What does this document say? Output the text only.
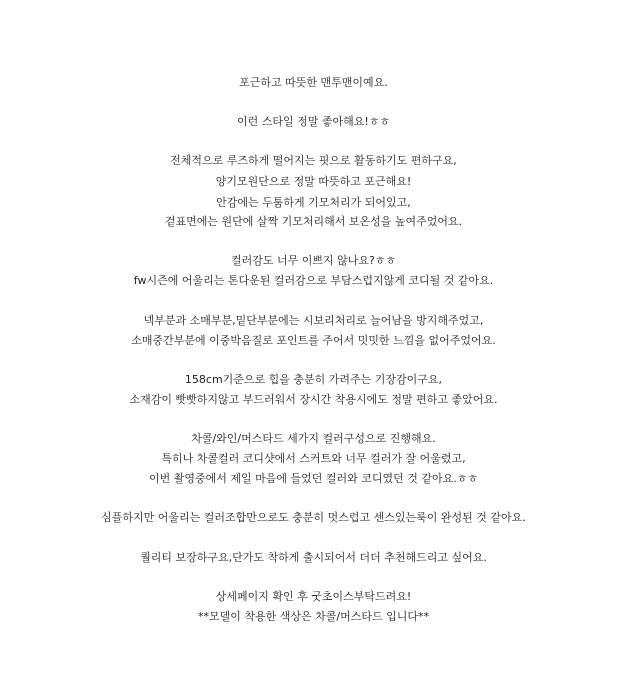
포근하고 따뜻한 맨투맨이예요.
이런 스타일 정말 좋아해요!ㅎㅎ
전체적으로 루즈하게 떨어지는 핏으로 활동하기도 편하구요,
양기모원단으로 정말 따뜻하고 포근해요!
안감에는 두툼하게 기모처리가 되어있고,
겉표면에는 원단에 살짝 기모처리해서 보온성을 높여주었어요.
컬러감도 너무 이쁘지 않나요?ㅎㅎ
fw시즌에 어울리는 톤다운된 컬러감으로 부담스럽지않게 코디될 것 같아요.
넥부분과 소매부분,밑단부분에는 시보리처리로 늘어남을 방지해주었고,
소매중간부분에 이중박음질로 포인트를 주어서 밋밋한 느낌을 없어주었어요.
158cm기준으로 힙을 충분히 가려주는 기장감이구요,
소재감이 빳빳하지않고 부드러워서 장시간 착용시에도 정말 편하고 좋았어요.
차콜/와인/머스타드 세가지 컬러구성으로 진행해요.
특히나 차콜컬러 코디샷에서 스커트와 너무 컬러가 잘 어울렸고,
이번 촬영중에서 제일 마음에 들었던 컬러와 코디였던 것 같아요.ㅎㅎ
심플하지만 어울리는 컬러조합만으로도 충분히 멋스럽고 센스있는룩이 완성된 것 같아요.
퀄리티 보장하구요,단가도 착하게 출시되어서 더더 추천해드리고 싶어요.
상세페이지 확인 후 굿초이스부탁드려요!
**모델이 착용한 색상은 차콜/머스타드 입니다**
